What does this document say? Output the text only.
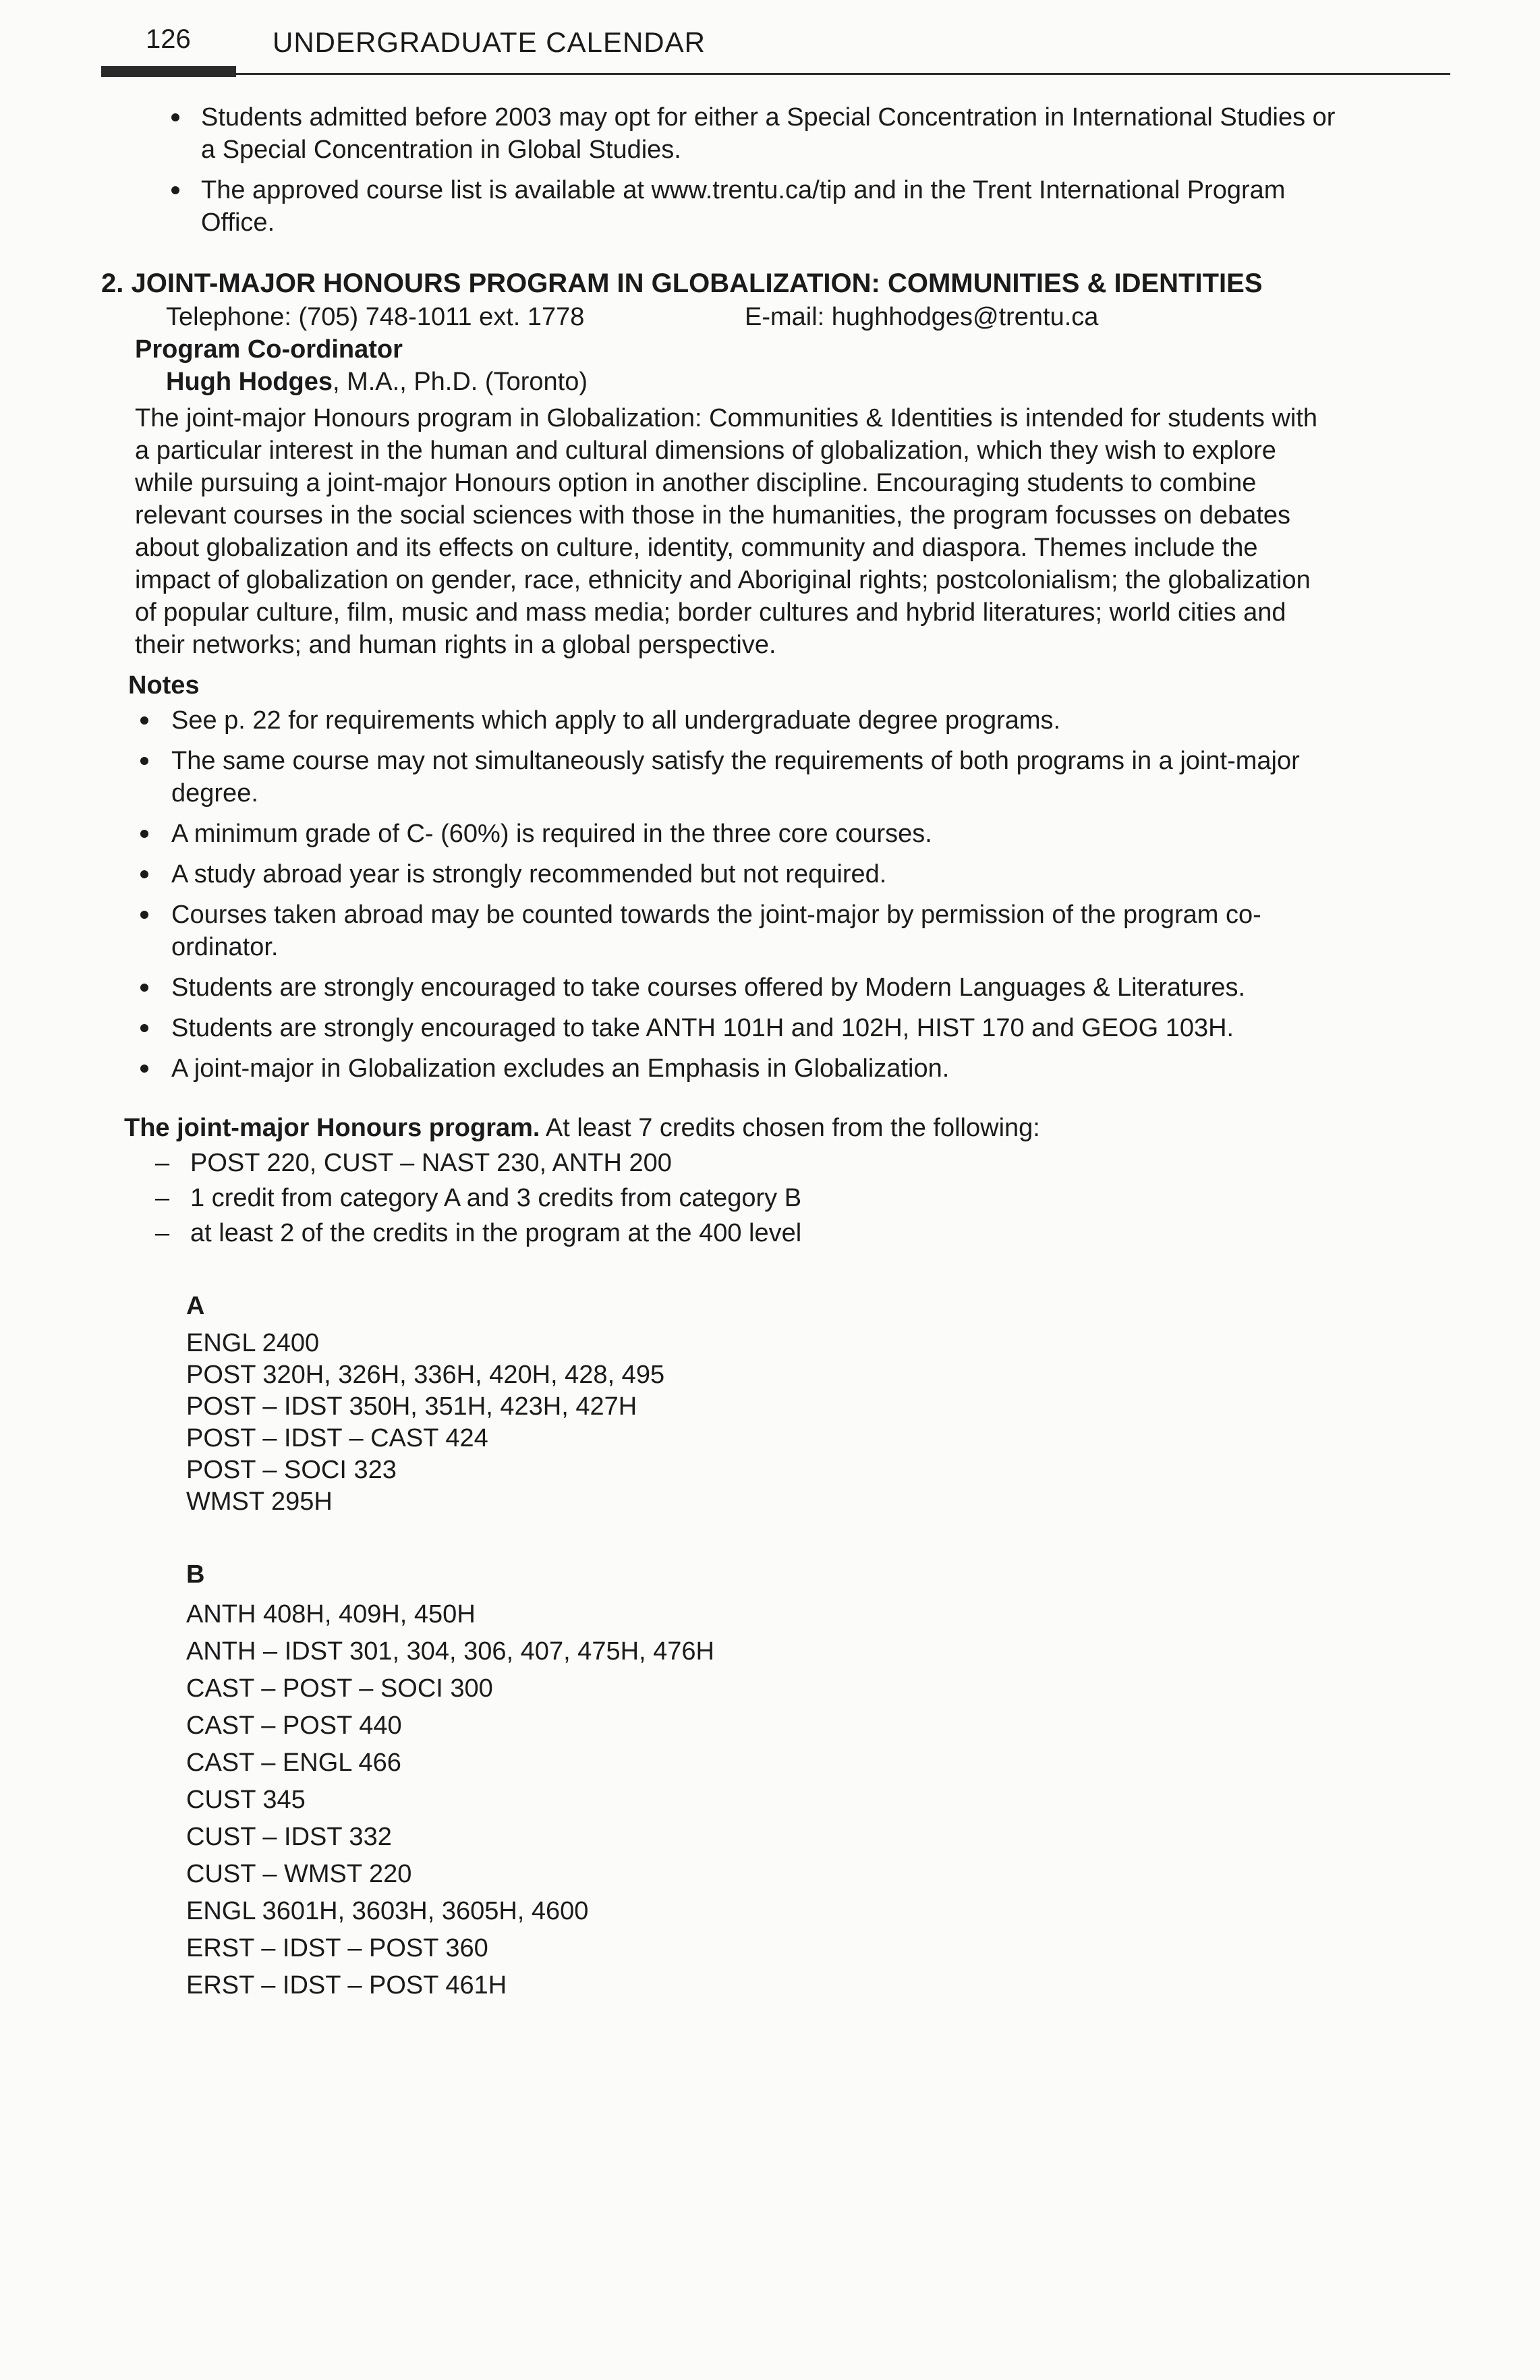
126	UNDERGRADUATE CALENDAR
Students admitted before 2003 may opt for either a Special Concentration in International Studies or a Special Concentration in Global Studies.
The approved course list is available at www.trentu.ca/tip and in the Trent International Program Office.
2. JOINT-MAJOR HONOURS PROGRAM IN GLOBALIZATION: COMMUNITIES & IDENTITIES
Telephone: (705) 748-1011 ext. 1778	E-mail: hughhodges@trentu.ca
Program Co-ordinator
Hugh Hodges, M.A., Ph.D. (Toronto)

The joint-major Honours program in Globalization: Communities & Identities is intended for students with a particular interest in the human and cultural dimensions of globalization, which they wish to explore while pursuing a joint-major Honours option in another discipline. Encouraging students to combine relevant courses in the social sciences with those in the humanities, the program focusses on debates about globalization and its effects on culture, identity, community and diaspora. Themes include the impact of globalization on gender, race, ethnicity and Aboriginal rights; postcolonialism; the globalization of popular culture, film, music and mass media; border cultures and hybrid literatures; world cities and their networks; and human rights in a global perspective.

Notes
See p. 22 for requirements which apply to all undergraduate degree programs.
The same course may not simultaneously satisfy the requirements of both programs in a joint-major degree.
A minimum grade of C- (60%) is required in the three core courses.
A study abroad year is strongly recommended but not required.
Courses taken abroad may be counted towards the joint-major by permission of the program co-ordinator.
Students are strongly encouraged to take courses offered by Modern Languages & Literatures.
Students are strongly encouraged to take ANTH 101H and 102H, HIST 170 and GEOG 103H.
A joint-major in Globalization excludes an Emphasis in Globalization.
The joint-major Honours program. At least 7 credits chosen from the following:
– POST 220, CUST – NAST 230, ANTH 200
– 1 credit from category A and 3 credits from category B
– at least 2 of the credits in the program at the 400 level
A
ENGL 2400
POST 320H, 326H, 336H, 420H, 428, 495
POST – IDST 350H, 351H, 423H, 427H
POST – IDST – CAST 424
POST – SOCI 323
WMST 295H
B
ANTH 408H, 409H, 450H
ANTH – IDST 301, 304, 306, 407, 475H, 476H
CAST – POST – SOCI 300
CAST – POST 440
CAST – ENGL 466
CUST 345
CUST – IDST 332
CUST – WMST 220
ENGL 3601H, 3603H, 3605H, 4600
ERST – IDST – POST 360
ERST – IDST – POST 461H
